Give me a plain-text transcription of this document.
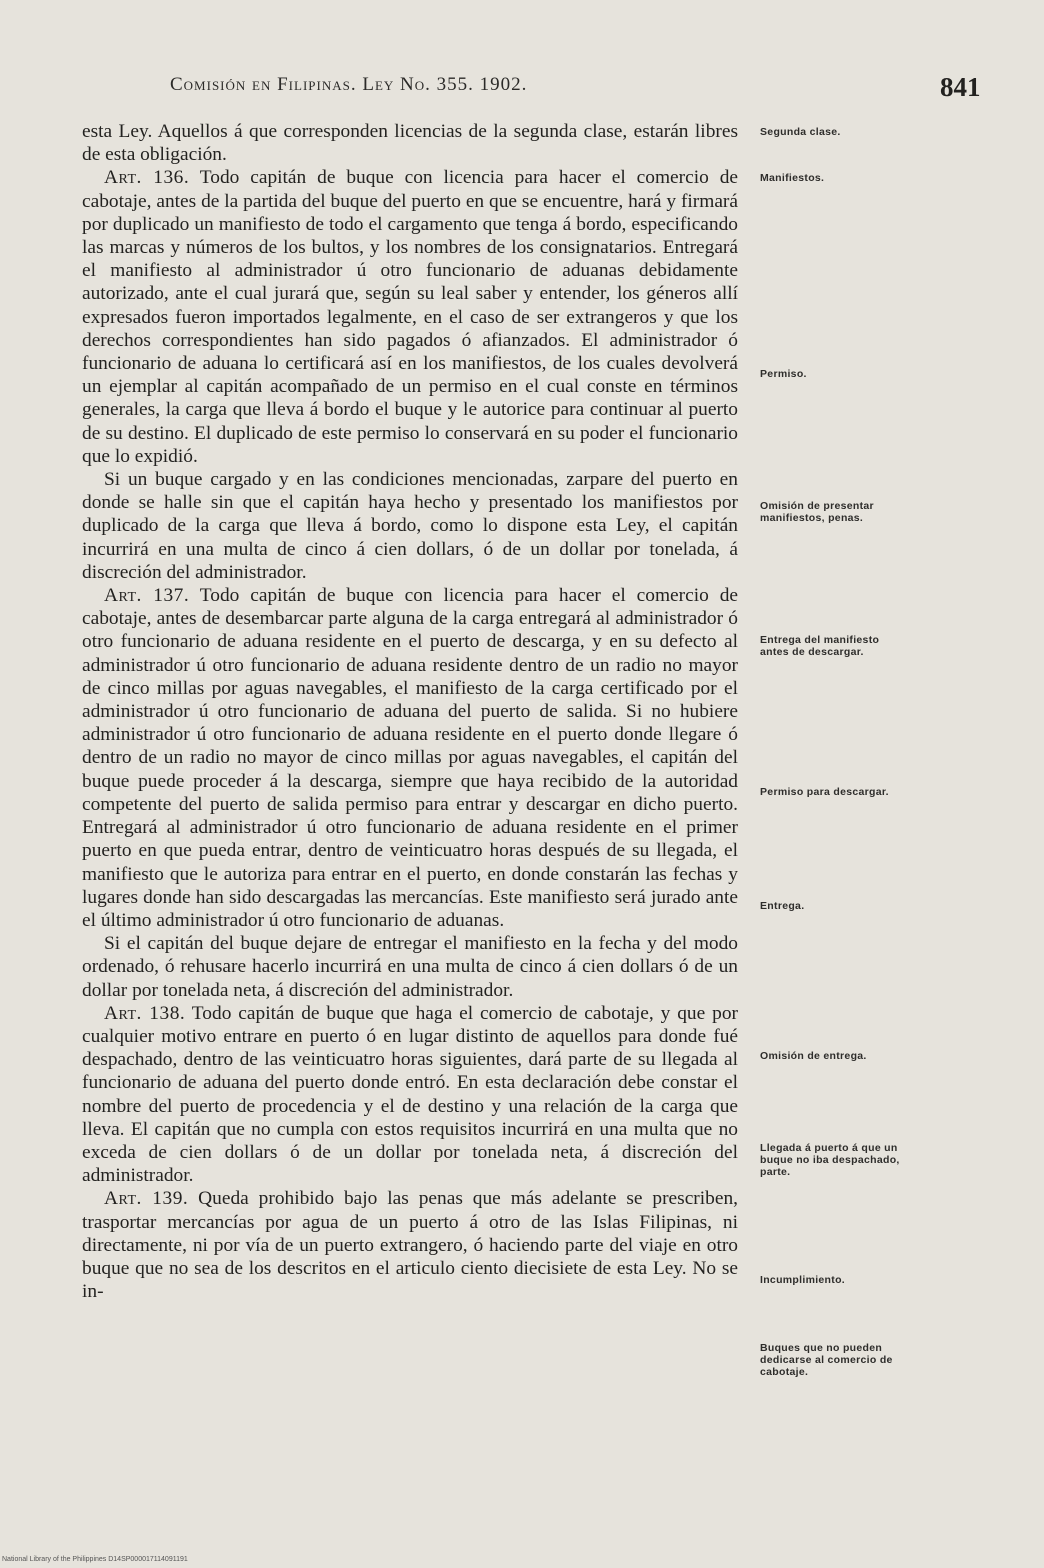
Comisión en Filipinas. Ley No. 355. 1902.	841

esta Ley. Aquellos á que corresponden licencias de la segunda clase, estarán libres de esta obligación.

Art. 136. Todo capitán de buque con licencia para hacer el comercio de cabotaje, antes de la partida del buque del puerto en que se encuentre, hará y firmará por duplicado un manifiesto de todo el cargamento que tenga á bordo, especificando las marcas y números de los bultos, y los nombres de los consignatarios. Entregará el manifiesto al administrador ú otro funcionario de aduanas debidamente autorizado, ante el cual jurará que, según su leal saber y entender, los géneros allí expresados fueron importados legalmente, en el caso de ser extrangeros y que los derechos correspondientes han sido pagados ó afianzados. El administrador ó funcionario de aduana lo certificará así en los manifiestos, de los cuales devolverá un ejemplar al capitán acompañado de un permiso en el cual conste en términos generales, la carga que lleva á bordo el buque y le autorice para continuar al puerto de su destino. El duplicado de este permiso lo conservará en su poder el funcionario que lo expidió.

Si un buque cargado y en las condiciones mencionadas, zarpare del puerto en donde se halle sin que el capitán haya hecho y presentado los manifiestos por duplicado de la carga que lleva á bordo, como lo dispone esta Ley, el capitán incurrirá en una multa de cinco á cien dollars, ó de un dollar por tonelada, á discreción del administrador.

Art. 137. Todo capitán de buque con licencia para hacer el comercio de cabotaje, antes de desembarcar parte alguna de la carga entregará al administrador ó otro funcionario de aduana residente en el puerto de descarga, y en su defecto al administrador ú otro funcionario de aduana residente dentro de un radio no mayor de cinco millas por aguas navegables, el manifiesto de la carga certificado por el administrador ú otro funcionario de aduana del puerto de salida. Si no hubiere administrador ú otro funcionario de aduana residente en el puerto donde llegare ó dentro de un radio no mayor de cinco millas por aguas navegables, el capitán del buque puede proceder á la descarga, siempre que haya recibido de la autoridad competente del puerto de salida permiso para entrar y descargar en dicho puerto. Entregará al administrador ú otro funcionario de aduana residente en el primer puerto en que pueda entrar, dentro de veinticuatro horas después de su llegada, el manifiesto que le autoriza para entrar en el puerto, en donde constarán las fechas y lugares donde han sido descargadas las mercancías. Este manifiesto será jurado ante el último administrador ú otro funcionario de aduanas.

Si el capitán del buque dejare de entregar el manifiesto en la fecha y del modo ordenado, ó rehusare hacerlo incurrirá en una multa de cinco á cien dollars ó de un dollar por tonelada neta, á discreción del administrador.

Art. 138. Todo capitán de buque que haga el comercio de cabotaje, y que por cualquier motivo entrare en puerto ó en lugar distinto de aquellos para donde fué despachado, dentro de las veinticuatro horas siguientes, dará parte de su llegada al funcionario de aduana del puerto donde entró. En esta declaración debe constar el nombre del puerto de procedencia y el de destino y una relación de la carga que lleva. El capitán que no cumpla con estos requisitos incurrirá en una multa que no exceda de cien dollars ó de un dollar por tonelada neta, á discreción del administrador.

Art. 139. Queda prohibido bajo las penas que más adelante se prescriben, trasportar mercancías por agua de un puerto á otro de las Islas Filipinas, ni directamente, ni por vía de un puerto extrangero, ó haciendo parte del viaje en otro buque que no sea de los descritos en el articulo ciento diecisiete de esta Ley. No se in-

Segunda clase.
Manifiestos.
Permiso.
Omisión de presentar manifiestos, penas.
Entrega del manifiesto antes de descargar.
Permiso para descargar.
Entrega.
Omisión de entrega.
Llegada á puerto á que un buque no iba despachado, parte.
Incumplimiento.
Buques que no pueden dedicarse al comercio de cabotaje.
National Library of the Philippines D14SP000017114091191
